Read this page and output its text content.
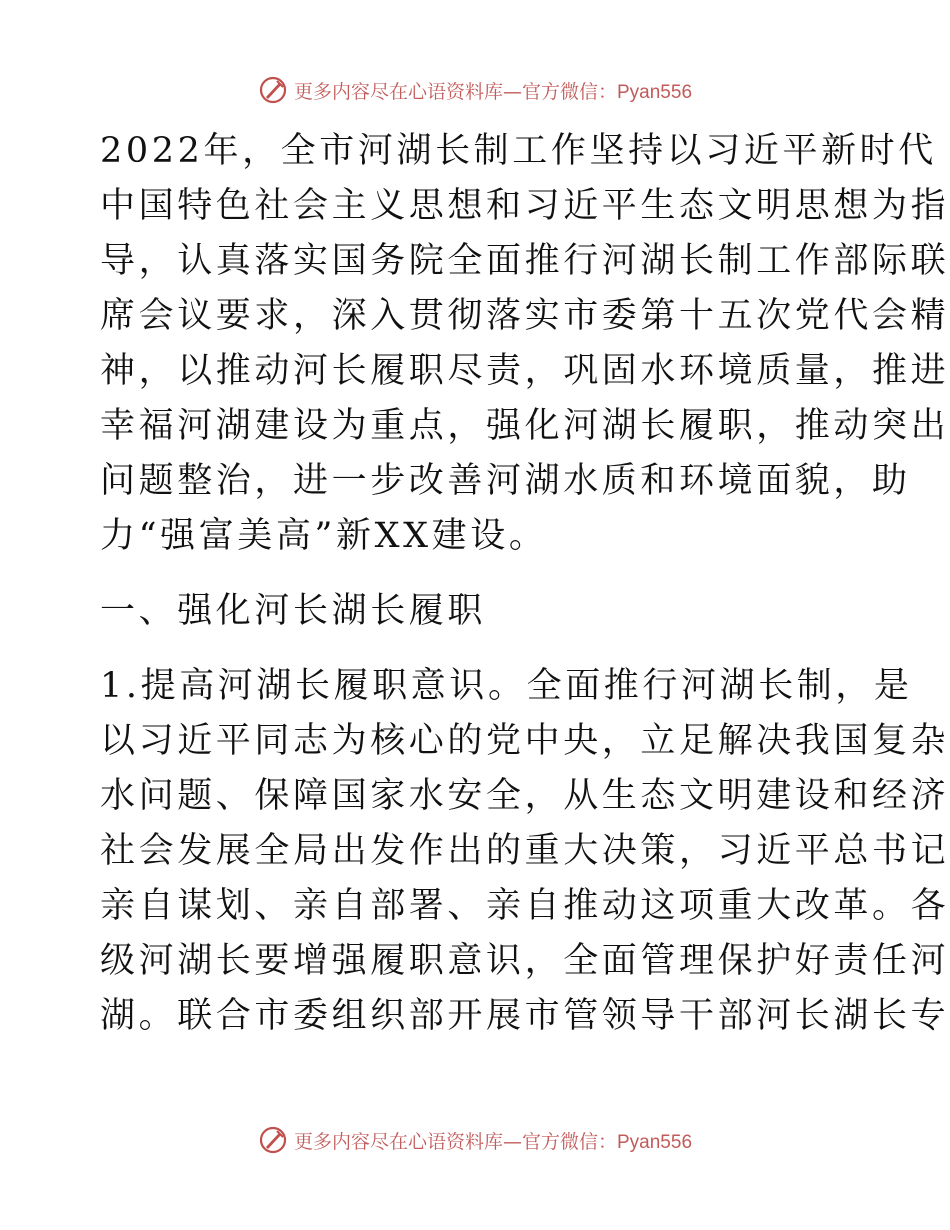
更多内容尽在心语资料库—官方微信：Pyan556
2022年，全市河湖长制工作坚持以习近平新时代
中国特色社会主义思想和习近平生态文明思想为指
导，认真落实国务院全面推行河湖长制工作部际联
席会议要求，深入贯彻落实市委第十五次党代会精
神，以推动河长履职尽责，巩固水环境质量，推进
幸福河湖建设为重点，强化河湖长履职，推动突出
问题整治，进一步改善河湖水质和环境面貌，助
力“强富美高”新XX建设。
一、强化河长湖长履职
1.提高河湖长履职意识。全面推行河湖长制，是
以习近平同志为核心的党中央，立足解决我国复杂
水问题、保障国家水安全，从生态文明建设和经济
社会发展全局出发作出的重大决策，习近平总书记
亲自谋划、亲自部署、亲自推动这项重大改革。各
级河湖长要增强履职意识，全面管理保护好责任河
湖。联合市委组织部开展市管领导干部河长湖长专
更多内容尽在心语资料库—官方微信：Pyan556
